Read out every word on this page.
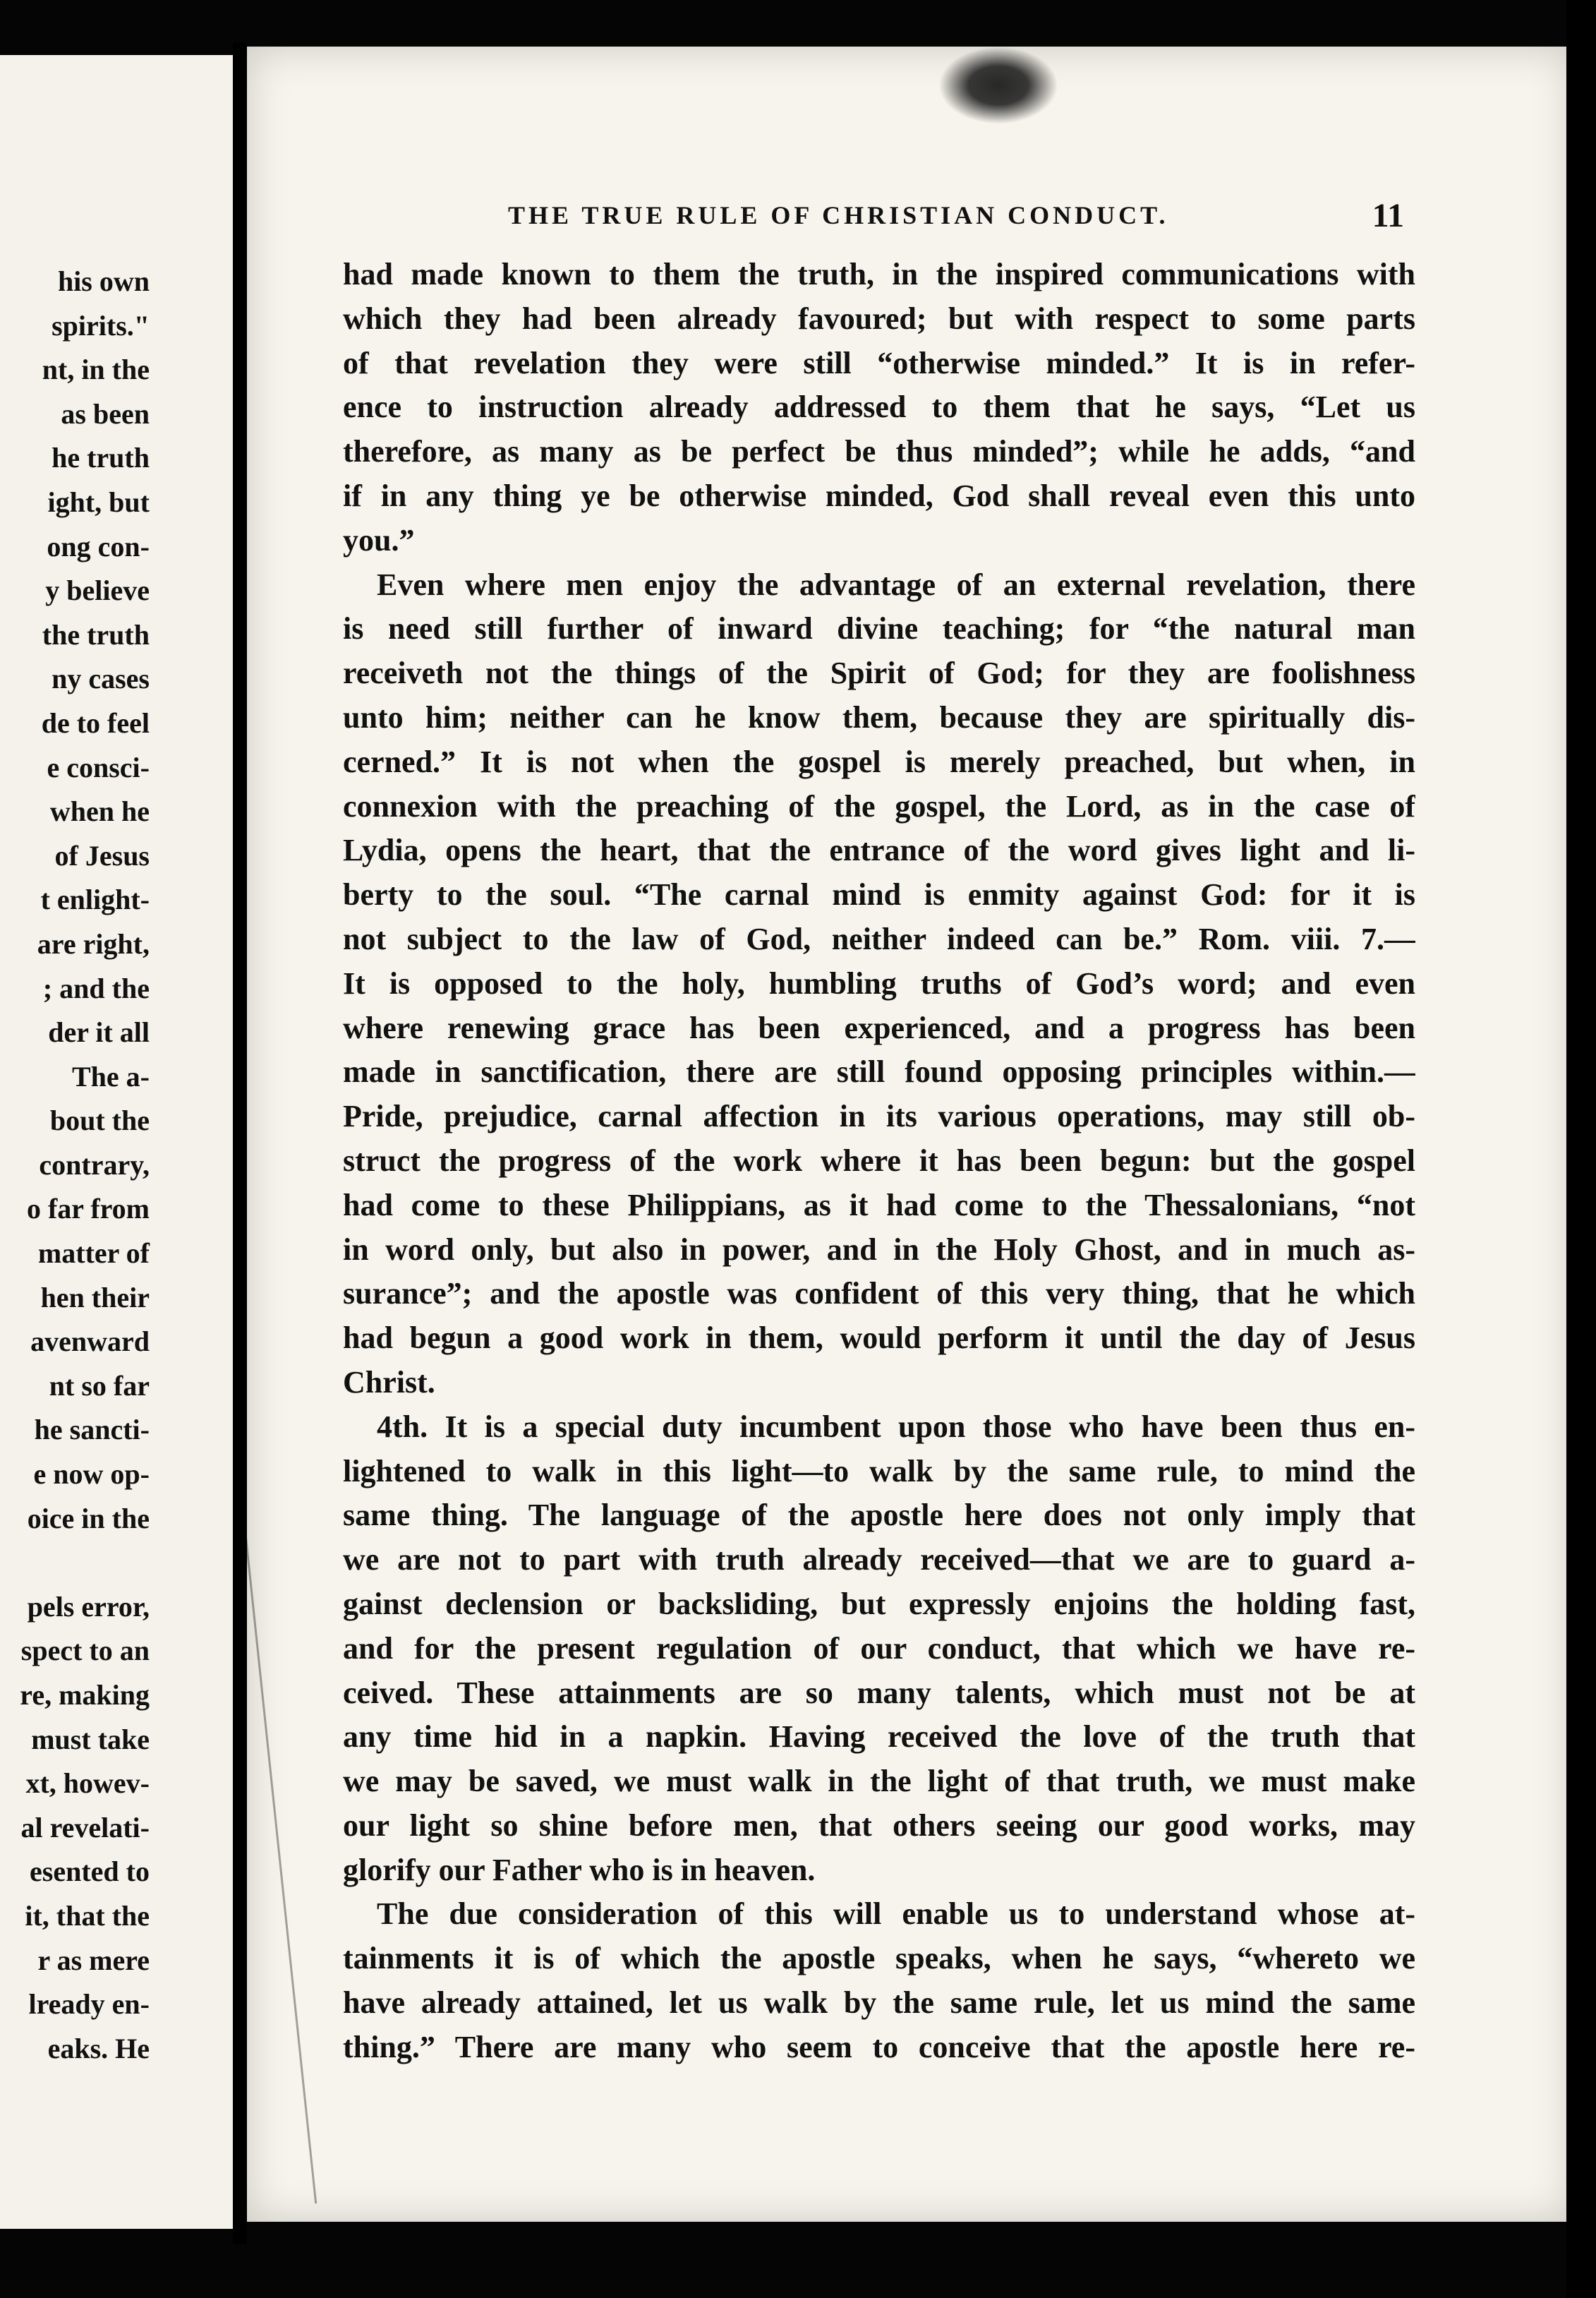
his own
spirits."
nt, in the
as been
he truth
ight, but
ong con-
y believe
the truth
ny cases
de to feel
e consci-
when he
of Jesus
t enlight-
are right,
; and the
der it all
The a-
bout the
contrary,
o far from
matter of
hen their
avenward
nt so far
he sancti-
e now op-
oice in the
pels error,
spect to an
re, making
must take
xt, howev-
al revelati-
esented to
it, that the
r as mere
lready en-
eaks. He
THE TRUE RULE OF CHRISTIAN CONDUCT.	11
had made known to them the truth, in the inspired communications with
which they had been already favoured; but with respect to some parts
of that revelation they were still “otherwise minded.” It is in refer-
ence to instruction already addressed to them that he says, “Let us
therefore, as many as be perfect be thus minded”; while he adds, “and
if in any thing ye be otherwise minded, God shall reveal even this unto
you.”
Even where men enjoy the advantage of an external revelation, there
is need still further of inward divine teaching; for “the natural man
receiveth not the things of the Spirit of God; for they are foolishness
unto him; neither can he know them, because they are spiritually dis-
cerned.” It is not when the gospel is merely preached, but when, in
connexion with the preaching of the gospel, the Lord, as in the case of
Lydia, opens the heart, that the entrance of the word gives light and li-
berty to the soul. “The carnal mind is enmity against God: for it is
not subject to the law of God, neither indeed can be.” Rom. viii. 7.—
It is opposed to the holy, humbling truths of God’s word; and even
where renewing grace has been experienced, and a progress has been
made in sanctification, there are still found opposing principles within.—
Pride, prejudice, carnal affection in its various operations, may still ob-
struct the progress of the work where it has been begun: but the gospel
had come to these Philippians, as it had come to the Thessalonians, “not
in word only, but also in power, and in the Holy Ghost, and in much as-
surance”; and the apostle was confident of this very thing, that he which
had begun a good work in them, would perform it until the day of Jesus
Christ.
4th. It is a special duty incumbent upon those who have been thus en-
lightened to walk in this light—to walk by the same rule, to mind the
same thing. The language of the apostle here does not only imply that
we are not to part with truth already received—that we are to guard a-
gainst declension or backsliding, but expressly enjoins the holding fast,
and for the present regulation of our conduct, that which we have re-
ceived. These attainments are so many talents, which must not be at
any time hid in a napkin. Having received the love of the truth that
we may be saved, we must walk in the light of that truth, we must make
our light so shine before men, that others seeing our good works, may
glorify our Father who is in heaven.
The due consideration of this will enable us to understand whose at-
tainments it is of which the apostle speaks, when he says, “whereto we
have already attained, let us walk by the same rule, let us mind the same
thing.” There are many who seem to conceive that the apostle here re-
